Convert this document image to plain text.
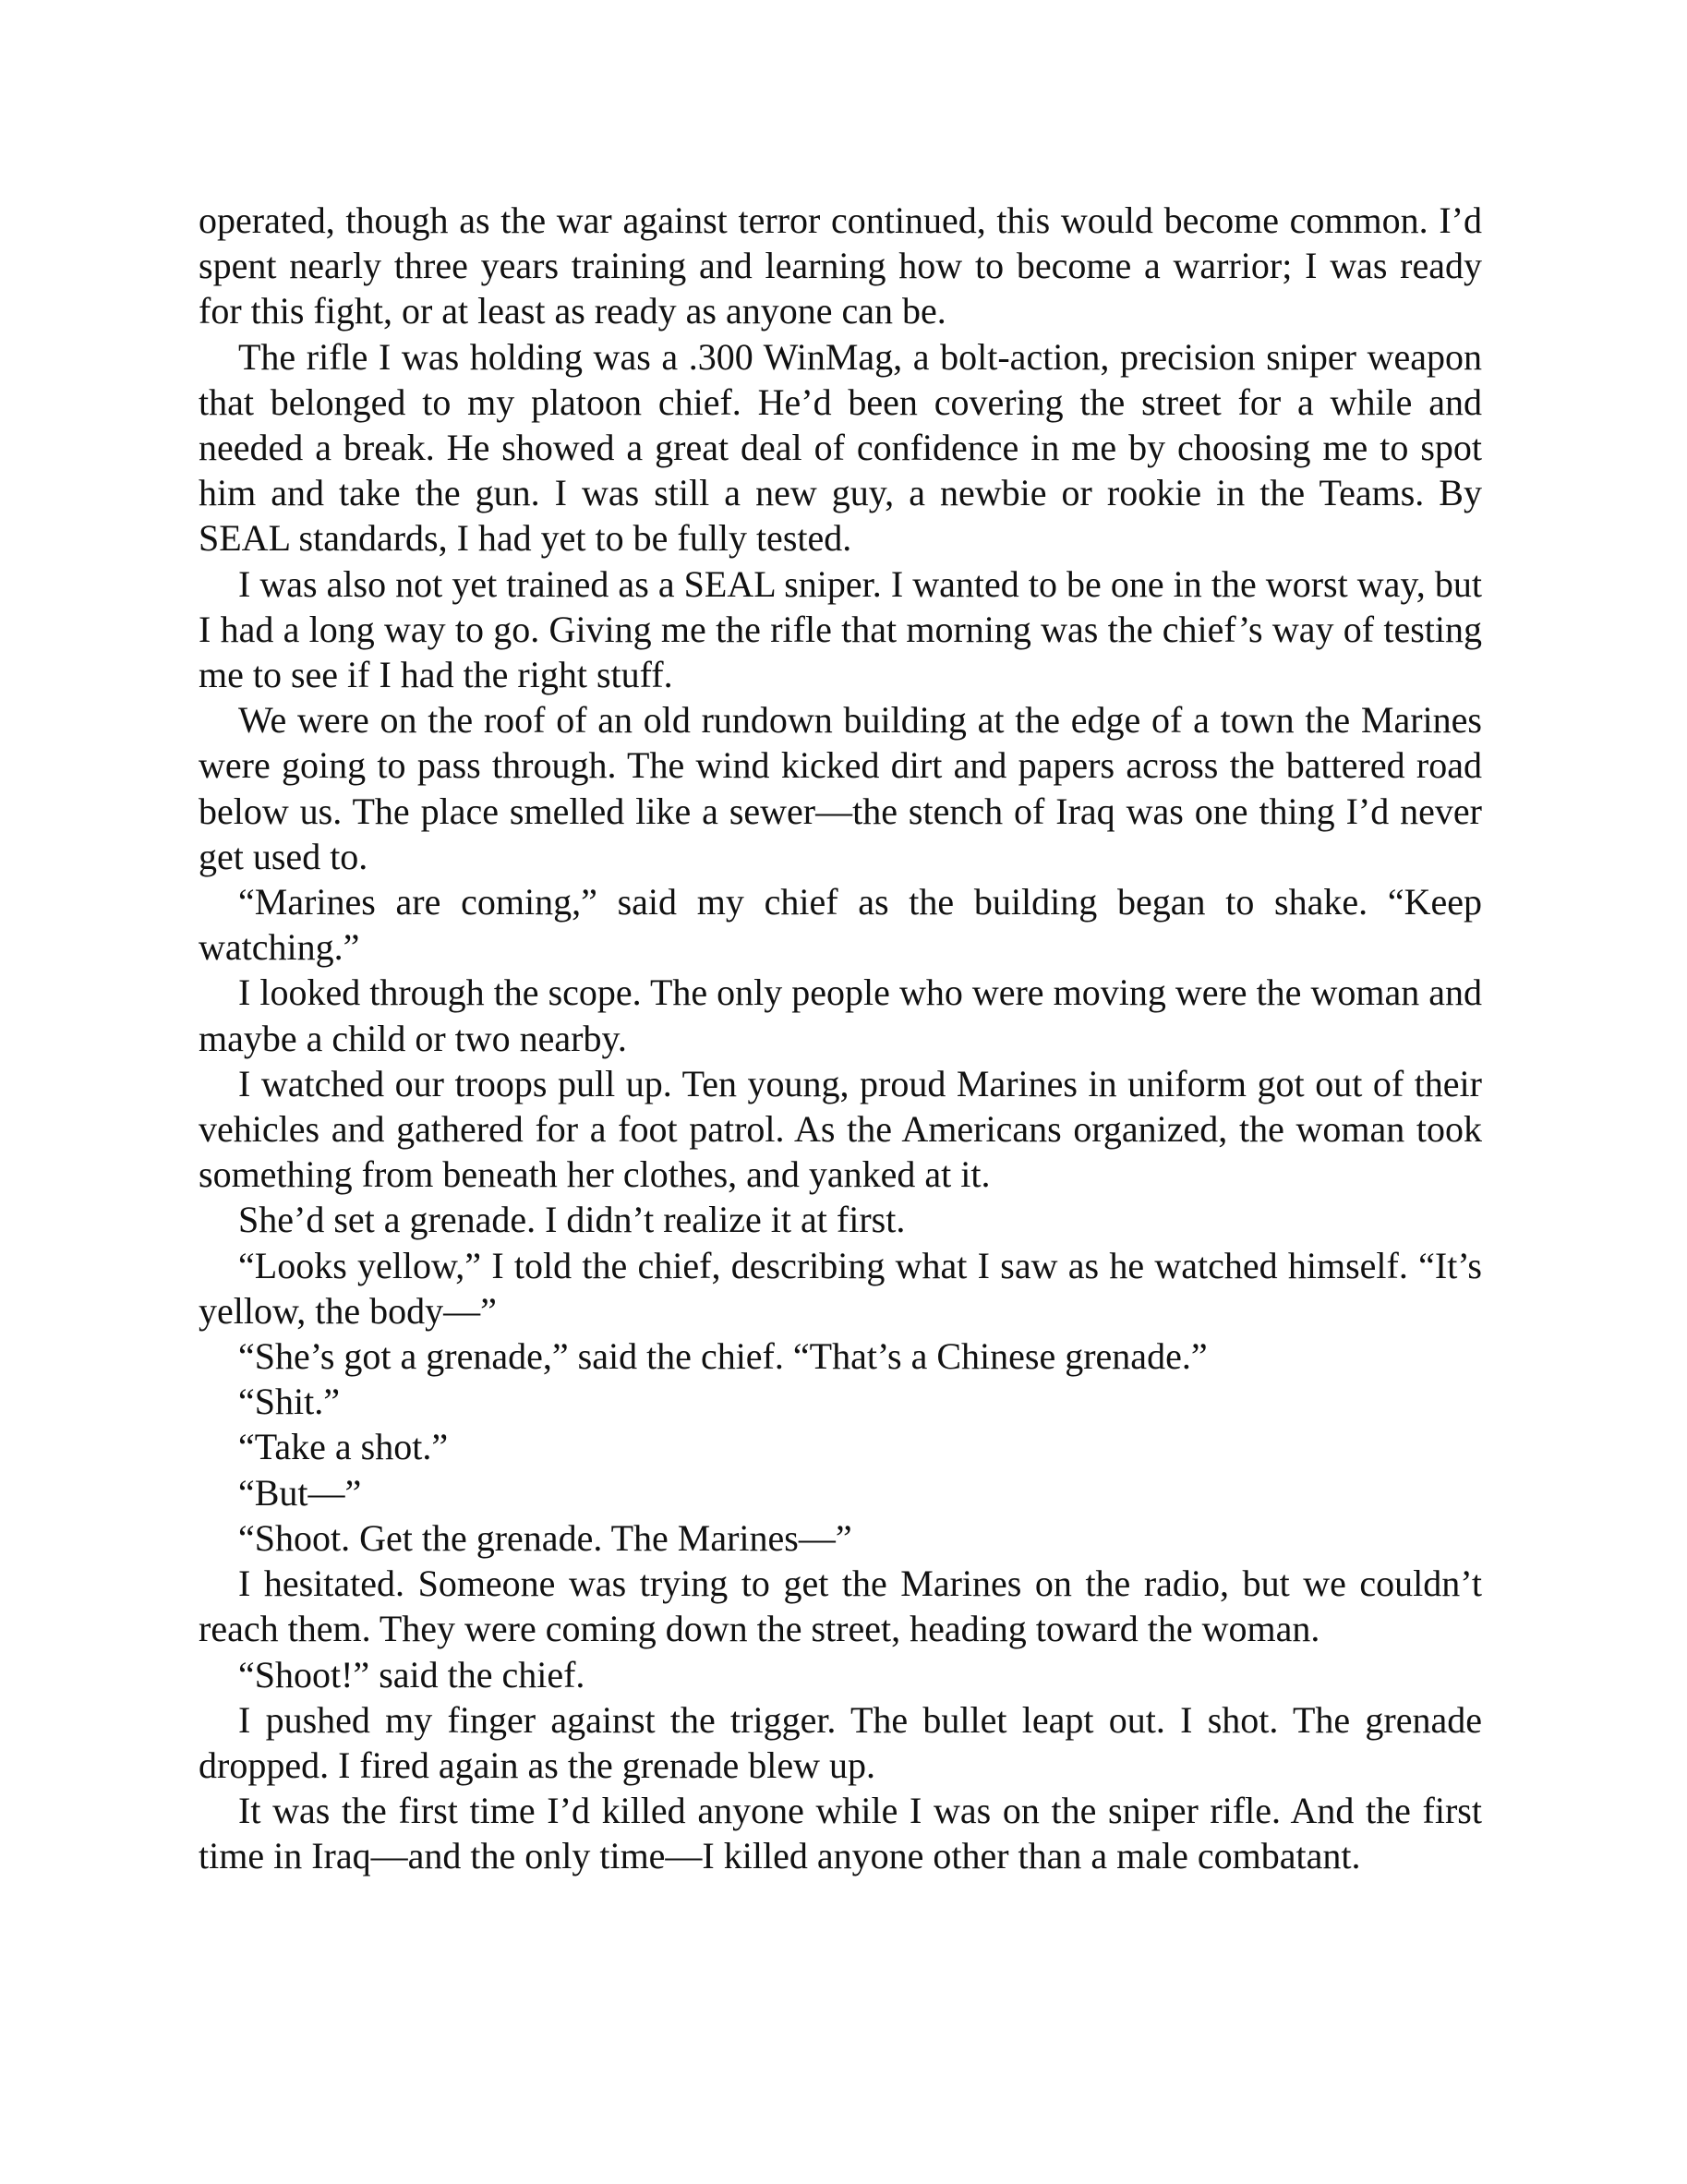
operated, though as the war against terror continued, this would become common. I’d spent nearly three years training and learning how to become a warrior; I was ready for this fight, or at least as ready as anyone can be.

The rifle I was holding was a .300 WinMag, a bolt-action, precision sniper weapon that belonged to my platoon chief. He’d been covering the street for a while and needed a break. He showed a great deal of confidence in me by choosing me to spot him and take the gun. I was still a new guy, a newbie or rookie in the Teams. By SEAL standards, I had yet to be fully tested.

I was also not yet trained as a SEAL sniper. I wanted to be one in the worst way, but I had a long way to go. Giving me the rifle that morning was the chief’s way of testing me to see if I had the right stuff.

We were on the roof of an old rundown building at the edge of a town the Marines were going to pass through. The wind kicked dirt and papers across the battered road below us. The place smelled like a sewer—the stench of Iraq was one thing I’d never get used to.

“Marines are coming,” said my chief as the building began to shake. “Keep watching.”

I looked through the scope. The only people who were moving were the woman and maybe a child or two nearby.

I watched our troops pull up. Ten young, proud Marines in uniform got out of their vehicles and gathered for a foot patrol. As the Americans organized, the woman took something from beneath her clothes, and yanked at it.

She’d set a grenade. I didn’t realize it at first.

“Looks yellow,” I told the chief, describing what I saw as he watched himself. “It’s yellow, the body—”

“She’s got a grenade,” said the chief. “That’s a Chinese grenade.”

“Shit.”

“Take a shot.”

“But—”

“Shoot. Get the grenade. The Marines—”

I hesitated. Someone was trying to get the Marines on the radio, but we couldn’t reach them. They were coming down the street, heading toward the woman.

“Shoot!” said the chief.

I pushed my finger against the trigger. The bullet leapt out. I shot. The grenade dropped. I fired again as the grenade blew up.

It was the first time I’d killed anyone while I was on the sniper rifle. And the first time in Iraq—and the only time—I killed anyone other than a male combatant.
